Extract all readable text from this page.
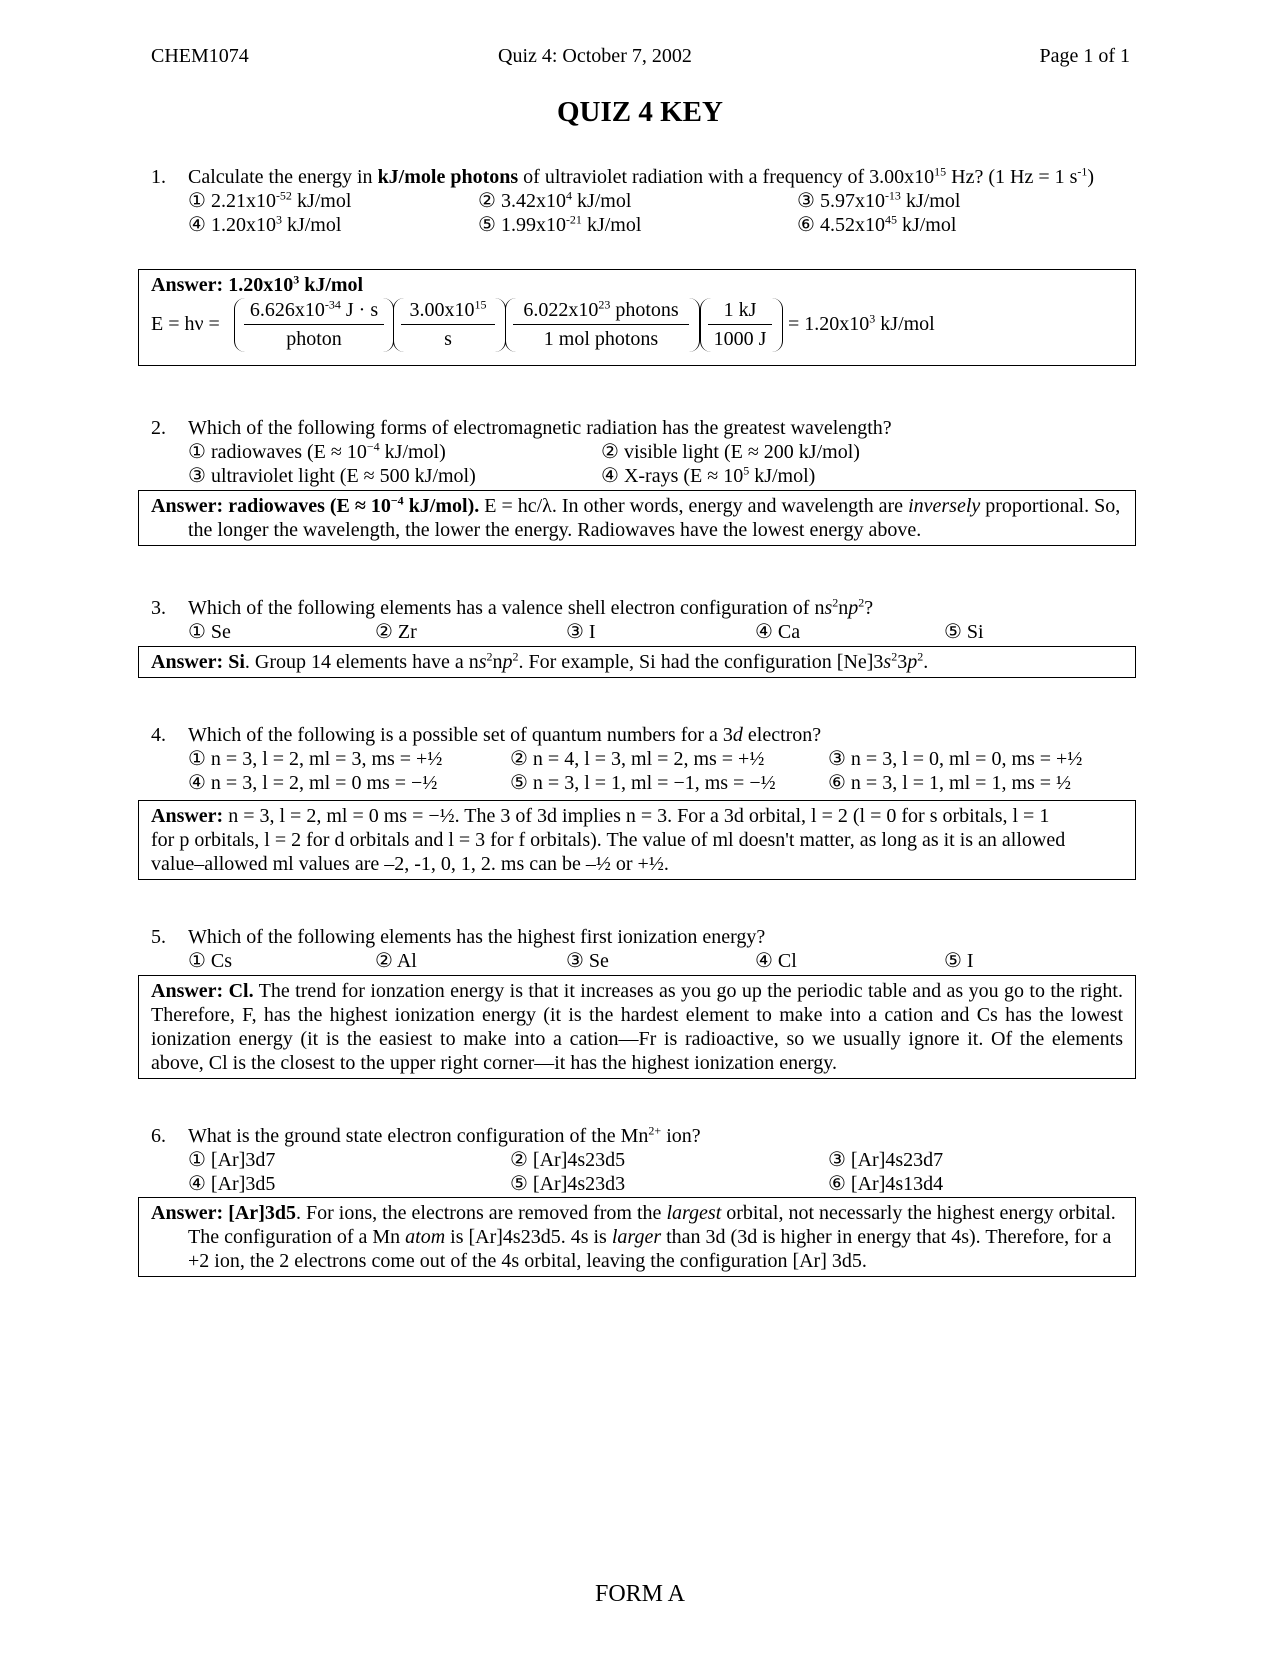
CHEM1074	Quiz 4: October 7, 2002	Page 1 of 1
QUIZ 4 KEY
1. Calculate the energy in kJ/mole photons of ultraviolet radiation with a frequency of $3.00x10^{15}$ Hz? (1 Hz = 1 $s^{-1}$)
① $2.21x10^{-52}$ kJ/mol	② $3.42x10^4$ kJ/mol	③ $5.97x10^{-13}$ kJ/mol
④ $1.20x10^3$ kJ/mol	⑤ $1.99x10^{-21}$ kJ/mol	⑥ $4.52x10^{45}$ kJ/mol
Answer: $1.20x10^3$ kJ/mol
E = hν =
$6.626x10^{-34}$ J · s
photon	$\frac{3.00x10^{15}}{s}$	$6.022x10^{23}$ photons
1 mol photons	$\frac{1 kJ}{1000 J} = 1.20x10^3$ kJ/mol
2. Which of the following forms of electromagnetic radiation has the greatest wavelength?
① radiowaves ($E \approx 10^{-4}$ kJ/mol)	② visible light (E ≈ 200 kJ/mol)
③ ultraviolet light (E ≈ 500 kJ/mol)	④ X-rays ($E \approx 10^5$ kJ/mol)
Answer: radiowaves ($E \approx 10^{-4}$ kJ/mol). E = hc/λ. In other words, energy and wavelength are inversely proportional. So, the longer the wavelength, the lower the energy. Radiowaves have the lowest energy above.
3. Which of the following elements has a valence shell electron configuration of $ns^2np^2$?
① Se	② Zr	③ I	④ Ca	⑤ Si
Answer: Si. Group 14 elements have a $ns^2np^2$. For example, Si had the configuration $[Ne]3s^23p^2$.
4. Which of the following is a possible set of quantum numbers for a 3d electron?
① n = 3, l = 2, ml = 3, ms = +½	② n = 4, l = 3, ml = 2, ms = +½	③ n = 3, l = 0, ml = 0, ms = +½
④ n = 3, l = 2, ml = 0 ms = −½	⑤ n = 3, l = 1, ml = −1, ms = −½	⑥ n = 3, l = 1, ml = 1, ms = ½
Answer: n = 3, l = 2, ml = 0 ms = −½. The 3 of 3d implies n = 3. For a 3d orbital, l = 2 (l = 0 for s orbitals, l = 1
for p orbitals, l = 2 for d orbitals and l = 3 for f orbitals). The value of ml doesn't matter, as long as it is an allowed
value–allowed ml values are –2, -1, 0, 1, 2. ms can be –½ or +½.
5. Which of the following elements has the highest first ionization energy?
① Cs	② Al	③ Se	④ Cl	⑤ I
Answer: Cl. The trend for ionzation energy is that it increases as you go up the periodic table and as you go to the right. Therefore, F, has the highest ionization energy (it is the hardest element to make into a cation and Cs has the lowest ionization energy (it is the easiest to make into a cation—Fr is radioactive, so we usually ignore it. Of the elements above, Cl is the closest to the upper right corner—it has the highest ionization energy.
6. What is the ground state electron configuration of the $Mn^{2+}$ ion?
① [Ar]3d7	② [Ar]4s23d5	③ [Ar]4s23d7
④ [Ar]3d5	⑤ [Ar]4s23d3	⑥ [Ar]4s13d4
Answer: [Ar]3d5. For ions, the electrons are removed from the largest orbital, not necessarly the highest energy orbital. The configuration of a Mn atom is [Ar]4s23d5. 4s is larger than 3d (3d is higher in energy that 4s). Therefore, for a +2 ion, the 2 electrons come out of the 4s orbital, leaving the configuration [Ar] 3d5.
FORM A
